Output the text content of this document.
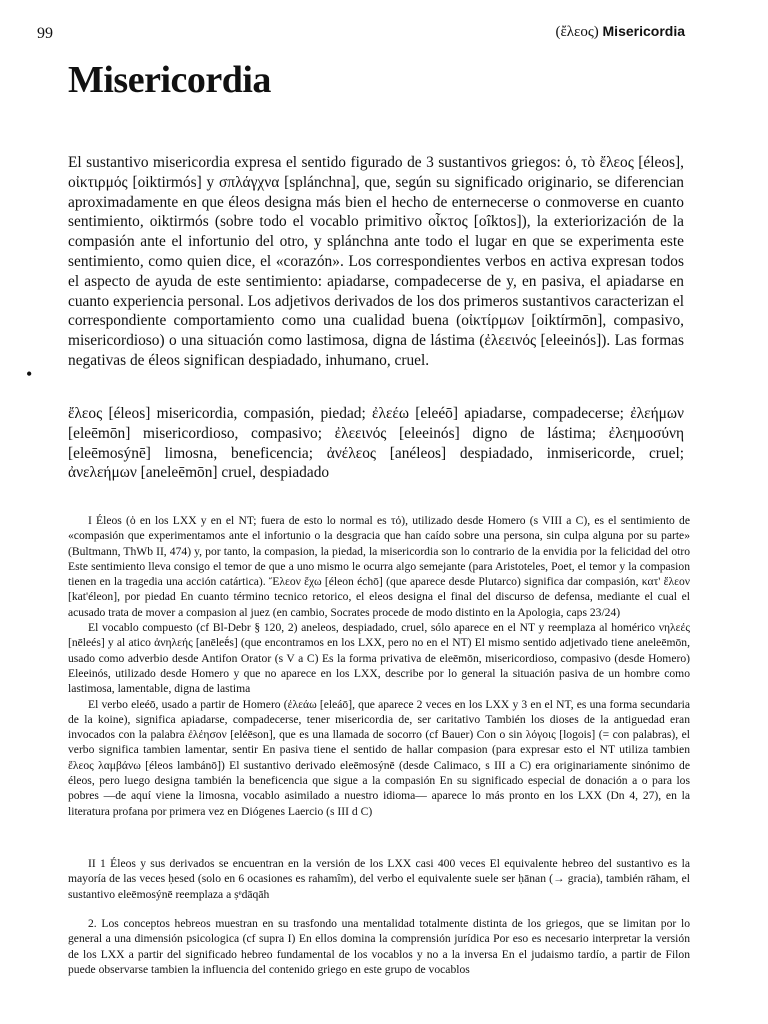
99	(ἔλεος) Misericordia
Misericordia
El sustantivo misericordia expresa el sentido figurado de 3 sustantivos griegos: ὁ, τὸ ἔλεος [éleos], οἰκτιρμός [oiktirmós] y σπλάγχνα [splánchna], que, según su significado originario, se diferencian aproximadamente en que éleos designa más bien el hecho de enternecerse o conmoverse en cuanto sentimiento, oiktirmós (sobre todo el vocablo primitivo οἶκτος [oîktos]), la exteriorización de la compasión ante el infortunio del otro, y splánchna ante todo el lugar en que se experimenta este sentimiento, como quien dice, el «corazón». Los correspondientes verbos en activa expresan todos el aspecto de ayuda de este sentimiento: apiadarse, compadecerse de y, en pasiva, el apiadarse en cuanto experiencia personal. Los adjetivos derivados de los dos primeros sustantivos caracterizan el correspondiente comportamiento como una cualidad buena (οἰκτίρμων [oiktírmōn], compasivo, misericordioso) o una situación como lastimosa, digna de lástima (ἐλεεινός [eleeinós]). Las formas negativas de éleos significan despiadado, inhumano, cruel.
•
ἔλεος [éleos] misericordia, compasión, piedad; ἐλεέω [eleéō] apiadarse, compadecerse; ἐλεήμων [eleēmōn] misericordioso, compasivo; ἐλεεινός [eleeinós] digno de lástima; ἐλεημοσύνη [eleēmosýnē] limosna, beneficencia; ἀνέλεος [anéleos] despiadado, inmisericorde, cruel; ἀνελεήμων [aneleēmōn] cruel, despiadado

I Éleos (ὁ en los LXX y en el NT; fuera de esto lo normal es τό), utilizado desde Homero (s VIII a C), es el sentimiento de «compasión que experimentamos ante el infortunio o la desgracia que han caído sobre una persona, sin culpa alguna por su parte» (Bultmann, ThWb II, 474) y, por tanto, la compasion, la piedad, la misericordia son lo contrario de la envidia por la felicidad del otro Este sentimiento lleva consigo el temor de que a uno mismo le ocurra algo semejante (para Aristoteles, Poet, el temor y la compasion tienen en la tragedia una acción catártica). Ἔλεον ἔχω [éleon échō] (que aparece desde Plutarco) significa dar compasión, κατ' ἔλεον [kat'éleon], por piedad En cuanto término tecnico retorico, el eleos designa el final del discurso de defensa, mediante el cual el acusado trata de mover a compasion al juez (en cambio, Socrates procede de modo distinto en la Apologia, caps 23/24)

El vocablo compuesto (cf Bl-Debr § 120, 2) aneleos, despiadado, cruel, sólo aparece en el NT y reemplaza al homérico νηλεές [nēleés] y al atico ἀνηλεής [anēleḗs] (que encontramos en los LXX, pero no en el NT) El mismo sentido adjetivado tiene aneleēmōn, usado como adverbio desde Antifon Orator (s V a C) Es la forma privativa de eleēmōn, misericordioso, compasivo (desde Homero) Eleeinós, utilizado desde Homero y que no aparece en los LXX, describe por lo general la situación pasiva de un hombre como lastimosa, lamentable, digna de lastima

El verbo eleéō, usado a partir de Homero (ἐλεάω [eleáō], que aparece 2 veces en los LXX y 3 en el NT, es una forma secundaria de la koine), significa apiadarse, compadecerse, tener misericordia de, ser caritativo También los dioses de la antiguedad eran invocados con la palabra ἐλέησον [eléēson], que es una llamada de socorro (cf Bauer) Con o sin λόγοις [logois] (= con palabras), el verbo significa tambien lamentar, sentir En pasiva tiene el sentido de hallar compasion (para expresar esto el NT utiliza tambien ἔλεος λαμβάνω [éleos lambánō]) El sustantivo derivado eleēmosýnē (desde Calimaco, s III a C) era originariamente sinónimo de éleos, pero luego designa también la beneficencia que sigue a la compasión En su significado especial de donación a o para los pobres —de aquí viene la limosna, vocablo asimilado a nuestro idioma— aparece lo más pronto en los LXX (Dn 4, 27), en la literatura profana por primera vez en Diógenes Laercio (s III d C)

II 1 Éleos y sus derivados se encuentran en la versión de los LXX casi 400 veces El equivalente hebreo del sustantivo es la mayoría de las veces ḥesed (solo en 6 ocasiones es rahamîm), del verbo el equivalente suele ser ḥānan (→ gracia), también rāham, el sustantivo eleēmosýnē reemplaza a ṣᵉdāqāh

2. Los conceptos hebreos muestran en su trasfondo una mentalidad totalmente distinta de los griegos, que se limitan por lo general a una dimensión psicologica (cf supra I) En ellos domina la comprensión jurídica Por eso es necesario interpretar la versión de los LXX a partir del significado hebreo fundamental de los vocablos y no a la inversa En el judaismo tardío, a partir de Filon puede observarse tambien la influencia del contenido griego en este grupo de vocablos
